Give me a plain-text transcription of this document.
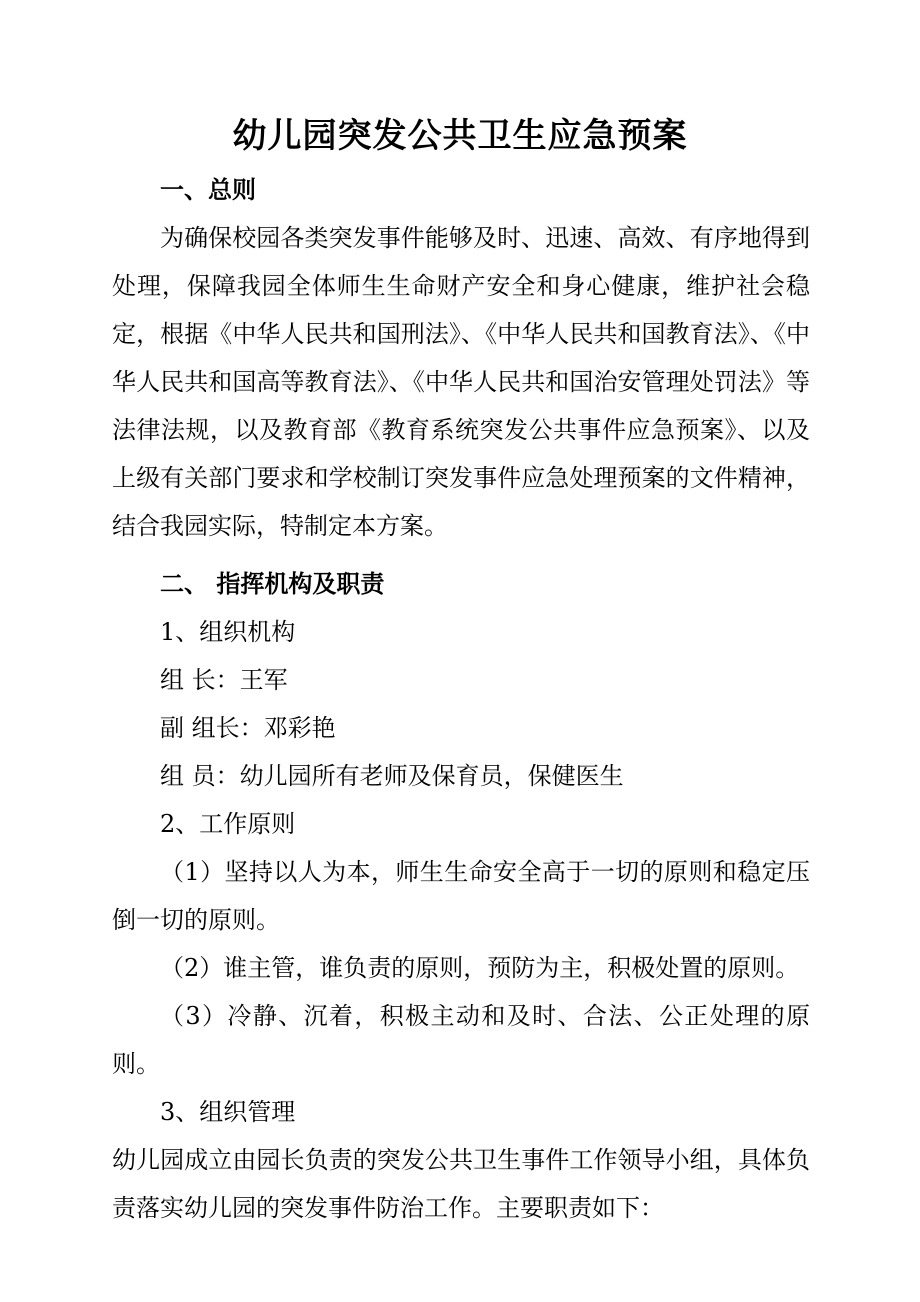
幼儿园突发公共卫生应急预案

一、总则

为确保校园各类突发事件能够及时、迅速、高效、有序地得到处理，保障我园全体师生生命财产安全和身心健康，维护社会稳定，根据《中华人民共和国刑法》、《中华人民共和国教育法》、《中华人民共和国高等教育法》、《中华人民共和国治安管理处罚法》等法律法规，以及教育部《教育系统突发公共事件应急预案》、以及上级有关部门要求和学校制订突发事件应急处理预案的文件精神，结合我园实际，特制定本方案。

二、 指挥机构及职责

1、组织机构

组 长：王军

副 组长：邓彩艳

组 员：幼儿园所有老师及保育员，保健医生

2、工作原则

（1）坚持以人为本，师生生命安全高于一切的原则和稳定压倒一切的原则。

（2）谁主管，谁负责的原则，预防为主，积极处置的原则。

（3）冷静、沉着，积极主动和及时、合法、公正处理的原则。

3、组织管理

幼儿园成立由园长负责的突发公共卫生事件工作领导小组，具体负责落实幼儿园的突发事件防治工作。主要职责如下：
